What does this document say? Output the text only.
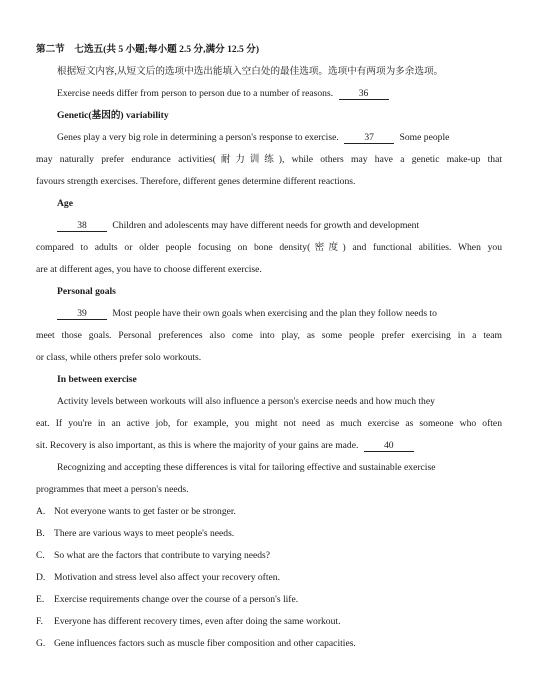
第二节　七选五(共 5 小题;每小题 2.5 分,满分 12.5 分)
根据短文内容,从短文后的选项中选出能填入空白处的最佳选项。选项中有两项为多余选项。
Exercise needs differ from person to person due to a number of reasons.	36
Genetic(基因的) variability
Genes play a very big role in determining a person's response to exercise.	37	Some people
may naturally prefer endurance activities(耐力训练), while others may have a genetic make-up that
favours strength exercises. Therefore, different genes determine different reactions.
Age
38	Children and adolescents may have different needs for growth and development
compared to adults or older people focusing on bone density(密度) and functional abilities. When you
are at different ages, you have to choose different exercise.
Personal goals
39	Most people have their own goals when exercising and the plan they follow needs to
meet those goals. Personal preferences also come into play, as some people prefer exercising in a team
or class, while others prefer solo workouts.
In between exercise
Activity levels between workouts will also influence a person's exercise needs and how much they
eat. If you're in an active job, for example, you might not need as much exercise as someone who often
sit. Recovery is also important, as this is where the majority of your gains are made.	40
Recognizing and accepting these differences is vital for tailoring effective and sustainable exercise
programmes that meet a person's needs.
A. Not everyone wants to get faster or be stronger.
B. There are various ways to meet people's needs.
C. So what are the factors that contribute to varying needs?
D. Motivation and stress level also affect your recovery often.
E. Exercise requirements change over the course of a person's life.
F. Everyone has different recovery times, even after doing the same workout.
G. Gene influences factors such as muscle fiber composition and other capacities.
